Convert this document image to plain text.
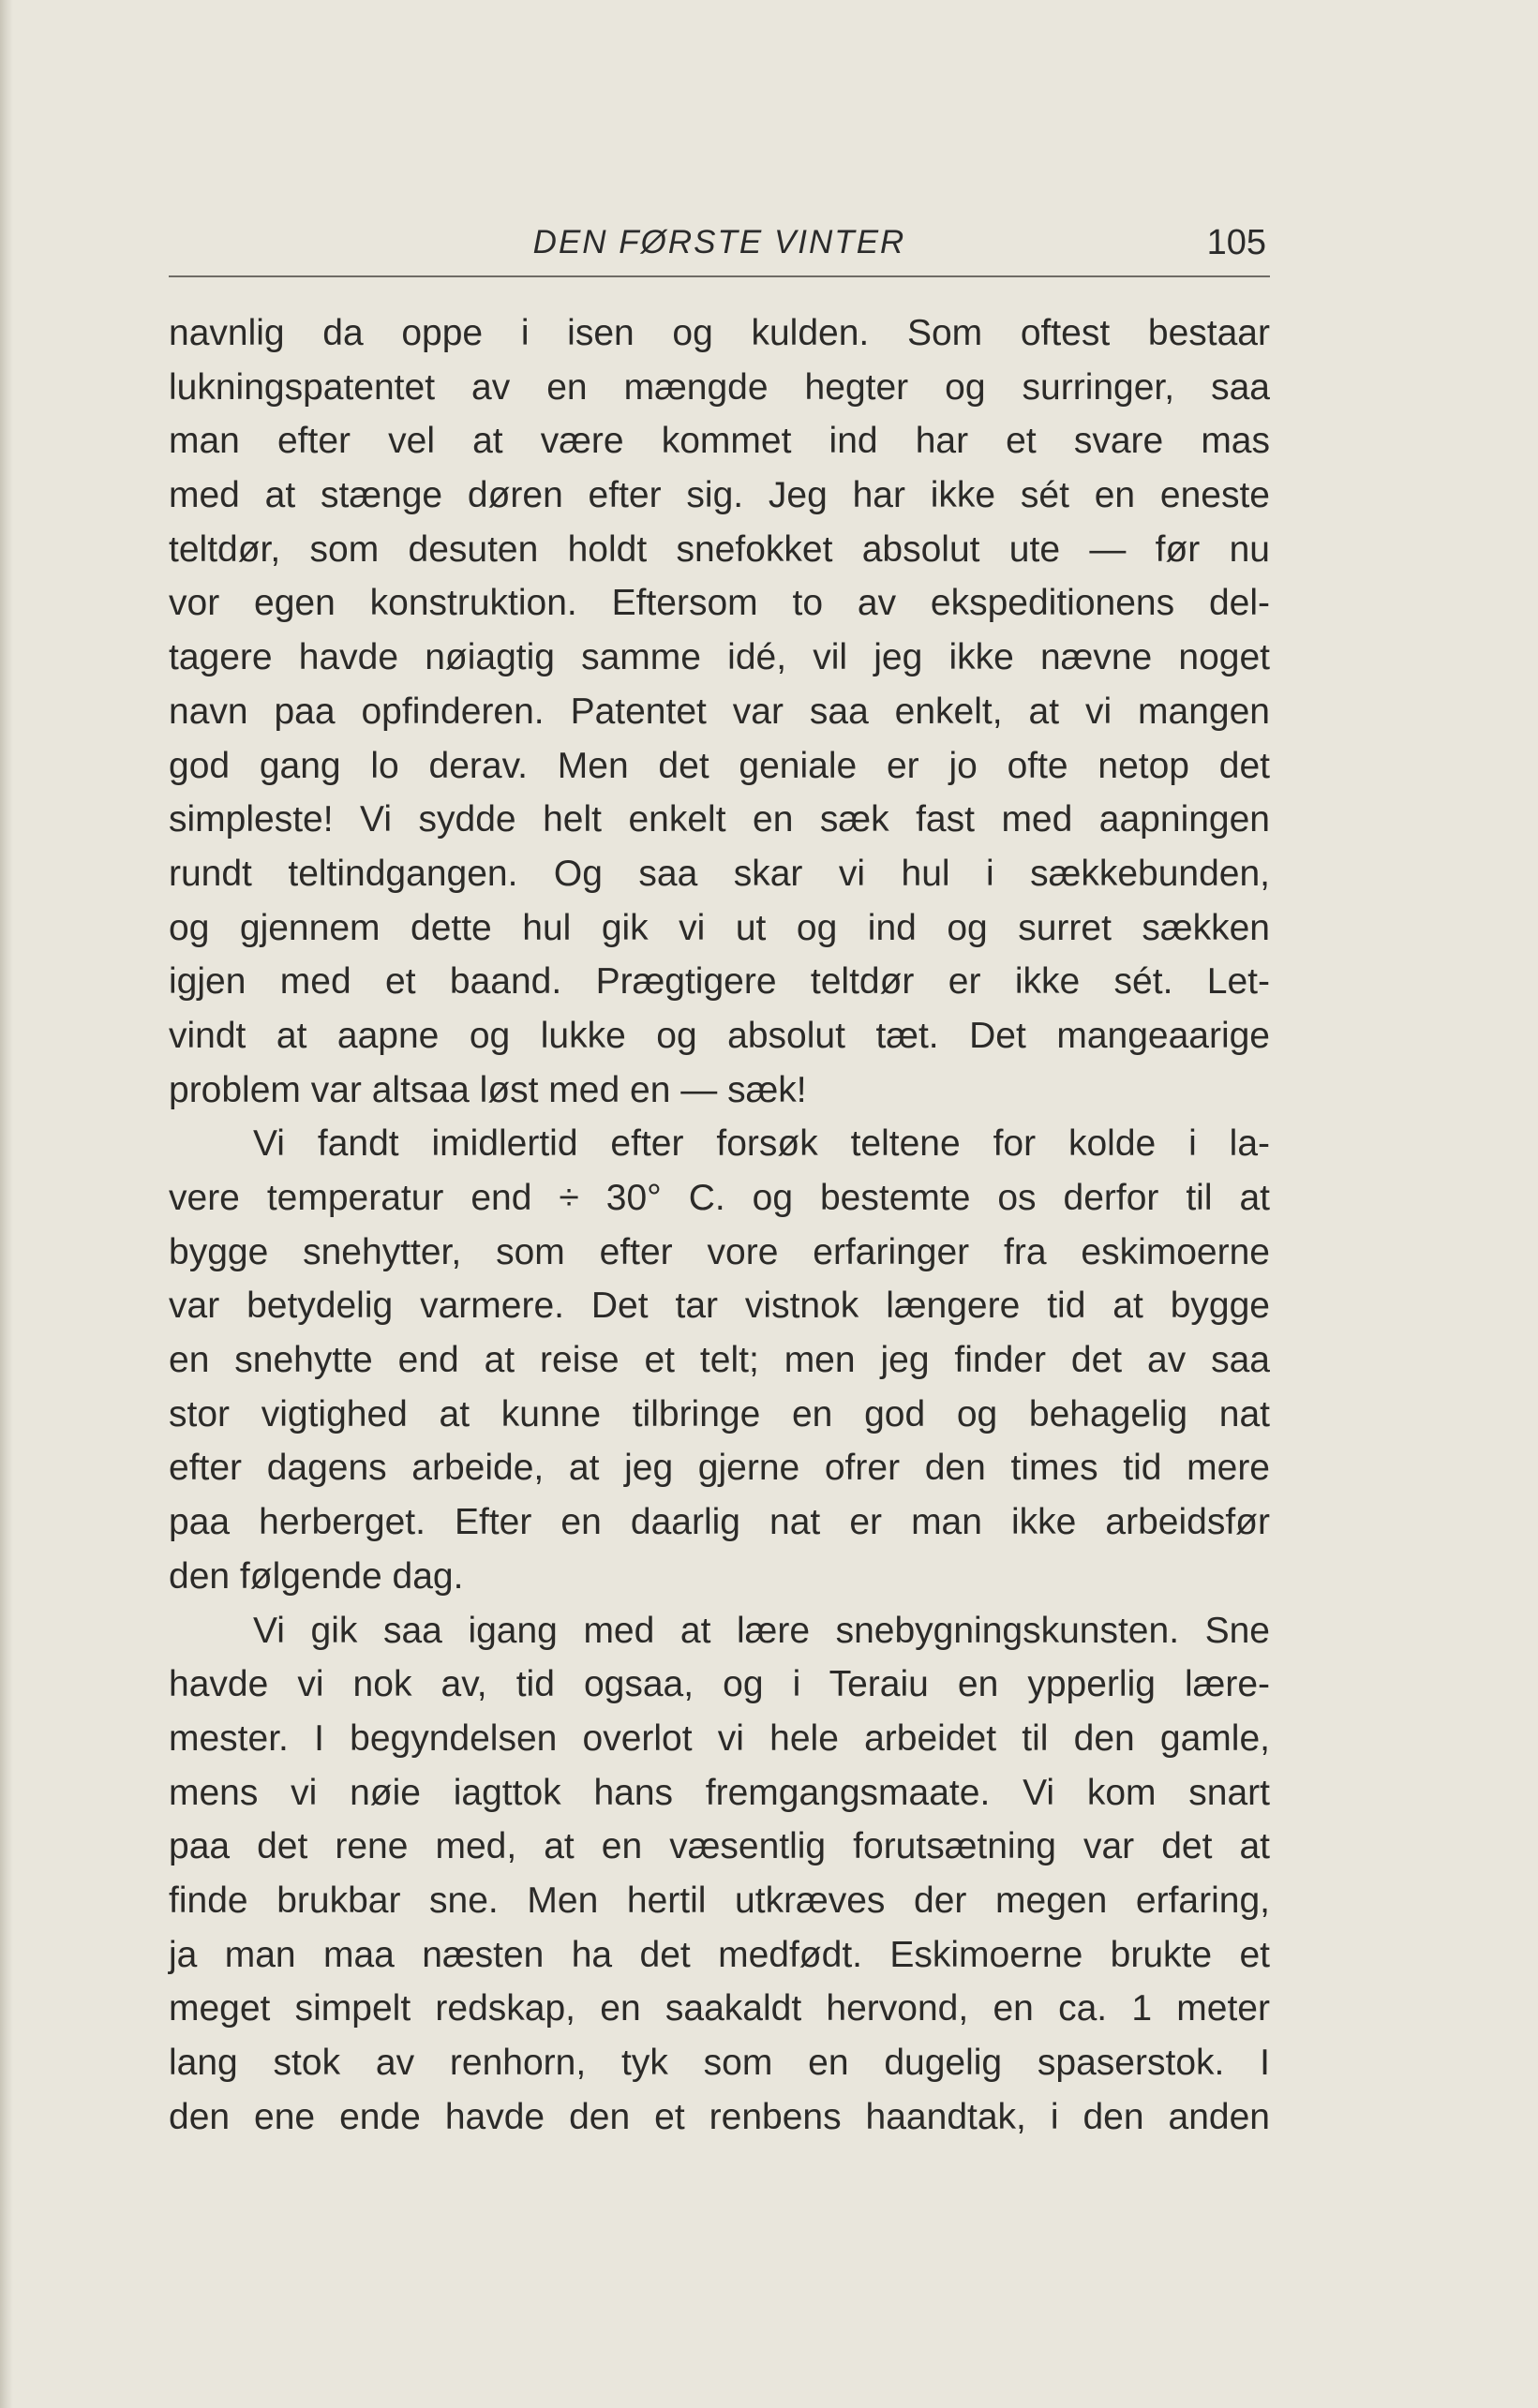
DEN FØRSTE VINTER	105
navnlig da oppe i isen og kulden. Som oftest bestaar
lukningspatentet av en mængde hegter og surringer, saa
man efter vel at være kommet ind har et svare mas
med at stænge døren efter sig. Jeg har ikke sét en eneste
teltdør, som desuten holdt snefokket absolut ute — før nu
vor egen konstruktion. Eftersom to av ekspeditionens del-
tagere havde nøiagtig samme idé, vil jeg ikke nævne noget
navn paa opfinderen. Patentet var saa enkelt, at vi mangen
god gang lo derav. Men det geniale er jo ofte netop det
simpleste! Vi sydde helt enkelt en sæk fast med aapningen
rundt teltindgangen. Og saa skar vi hul i sækkebunden,
og gjennem dette hul gik vi ut og ind og surret sækken
igjen med et baand. Prægtigere teltdør er ikke sét. Let-
vindt at aapne og lukke og absolut tæt. Det mangeaarige
problem var altsaa løst med en — sæk!
Vi fandt imidlertid efter forsøk teltene for kolde i la-
vere temperatur end ÷ 30° C. og bestemte os derfor til at
bygge snehytter, som efter vore erfaringer fra eskimoerne
var betydelig varmere. Det tar vistnok længere tid at bygge
en snehytte end at reise et telt; men jeg finder det av saa
stor vigtighed at kunne tilbringe en god og behagelig nat
efter dagens arbeide, at jeg gjerne ofrer den times tid mere
paa herberget. Efter en daarlig nat er man ikke arbeidsfør
den følgende dag.
Vi gik saa igang med at lære snebygningskunsten. Sne
havde vi nok av, tid ogsaa, og i Teraiu en ypperlig lære-
mester. I begyndelsen overlot vi hele arbeidet til den gamle,
mens vi nøie iagttok hans fremgangsmaate. Vi kom snart
paa det rene med, at en væsentlig forutsætning var det at
finde brukbar sne. Men hertil utkræves der megen erfaring,
ja man maa næsten ha det medfødt. Eskimoerne brukte et
meget simpelt redskap, en saakaldt hervond, en ca. 1 meter
lang stok av renhorn, tyk som en dugelig spaserstok. I
den ene ende havde den et renbens haandtak, i den anden
